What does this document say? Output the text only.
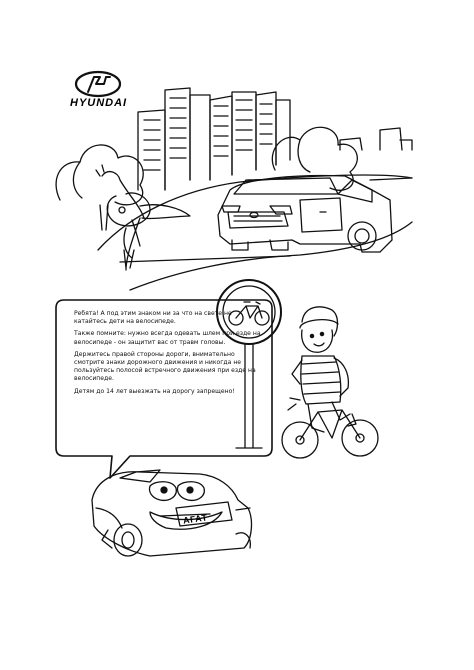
HYUNDAI

Ребята! А под этим знаком ни за что на свете не катайтесь дети на велосипеде.

Также помните: нужно всегда одевать шлем при езде на велосипеде - он защитит вас от травм головы.

Держитесь правой стороны дороги, внимательно смотрите знаки дорожного движения и никогда не пользуйтесь полосой встречного движения при езде на велосипеде.

Детям до 14 лет выезжать на дорогу запрещено!

АГАТ
